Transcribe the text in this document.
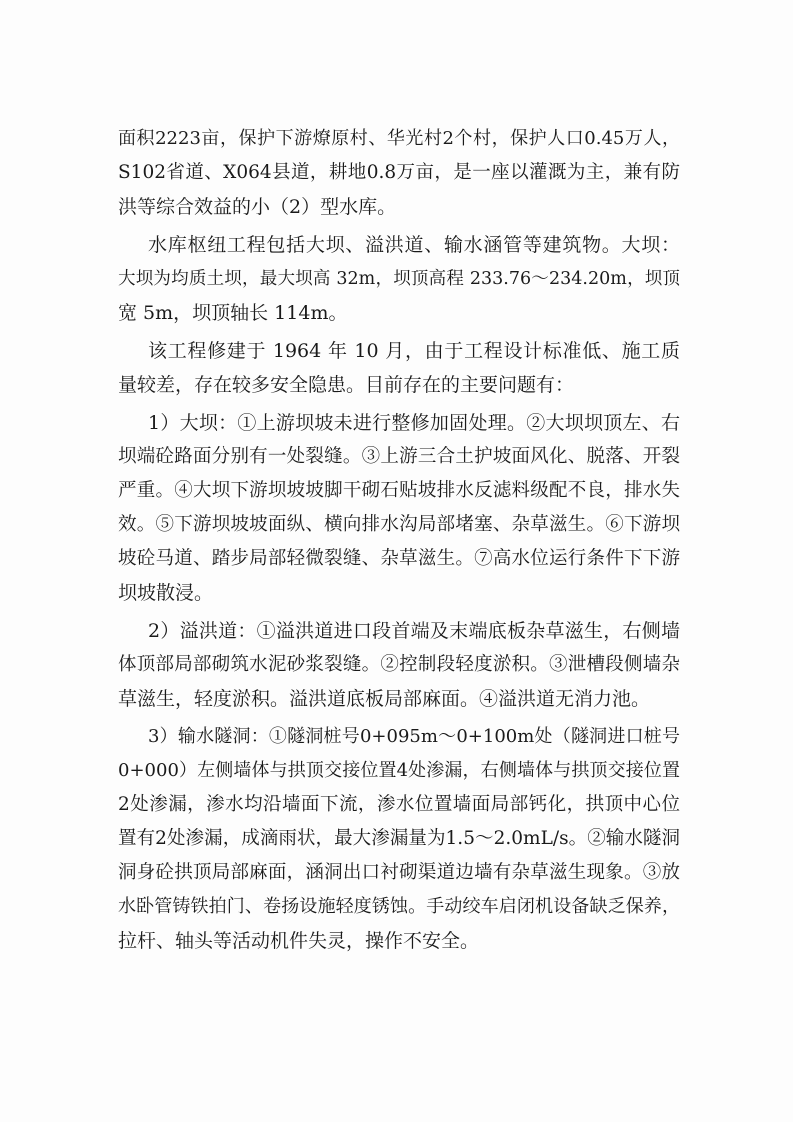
面积2223亩，保护下游燎原村、华光村2个村，保护人口0.45万人，
S102省道、X064县道，耕地0.8万亩，是一座以灌溉为主，兼有防
洪等综合效益的小（2）型水库。
水库枢纽工程包括大坝、溢洪道、输水涵管等建筑物。大坝：
大坝为均质土坝，最大坝高 32m，坝顶高程 233.76～234.20m，坝顶
宽 5m，坝顶轴长 114m。
该工程修建于 1964 年 10 月，由于工程设计标准低、施工质
量较差，存在较多安全隐患。目前存在的主要问题有：
1）大坝：①上游坝坡未进行整修加固处理。②大坝坝顶左、右
坝端砼路面分别有一处裂缝。③上游三合土护坡面风化、脱落、开裂
严重。④大坝下游坝坡坡脚干砌石贴坡排水反滤料级配不良，排水失
效。⑤下游坝坡坡面纵、横向排水沟局部堵塞、杂草滋生。⑥下游坝
坡砼马道、踏步局部轻微裂缝、杂草滋生。⑦高水位运行条件下下游
坝坡散浸。
2）溢洪道：①溢洪道进口段首端及末端底板杂草滋生，右侧墙
体顶部局部砌筑水泥砂浆裂缝。②控制段轻度淤积。③泄槽段侧墙杂
草滋生，轻度淤积。溢洪道底板局部麻面。④溢洪道无消力池。
3）输水隧洞：①隧洞桩号0+095m～0+100m处（隧洞进口桩号
0+000）左侧墙体与拱顶交接位置4处渗漏，右侧墙体与拱顶交接位置
2处渗漏，渗水均沿墙面下流，渗水位置墙面局部钙化，拱顶中心位
置有2处渗漏，成滴雨状，最大渗漏量为1.5～2.0mL/s。②输水隧洞
洞身砼拱顶局部麻面，涵洞出口衬砌渠道边墙有杂草滋生现象。③放
水卧管铸铁拍门、卷扬设施轻度锈蚀。手动绞车启闭机设备缺乏保养，
拉杆、轴头等活动机件失灵，操作不安全。
